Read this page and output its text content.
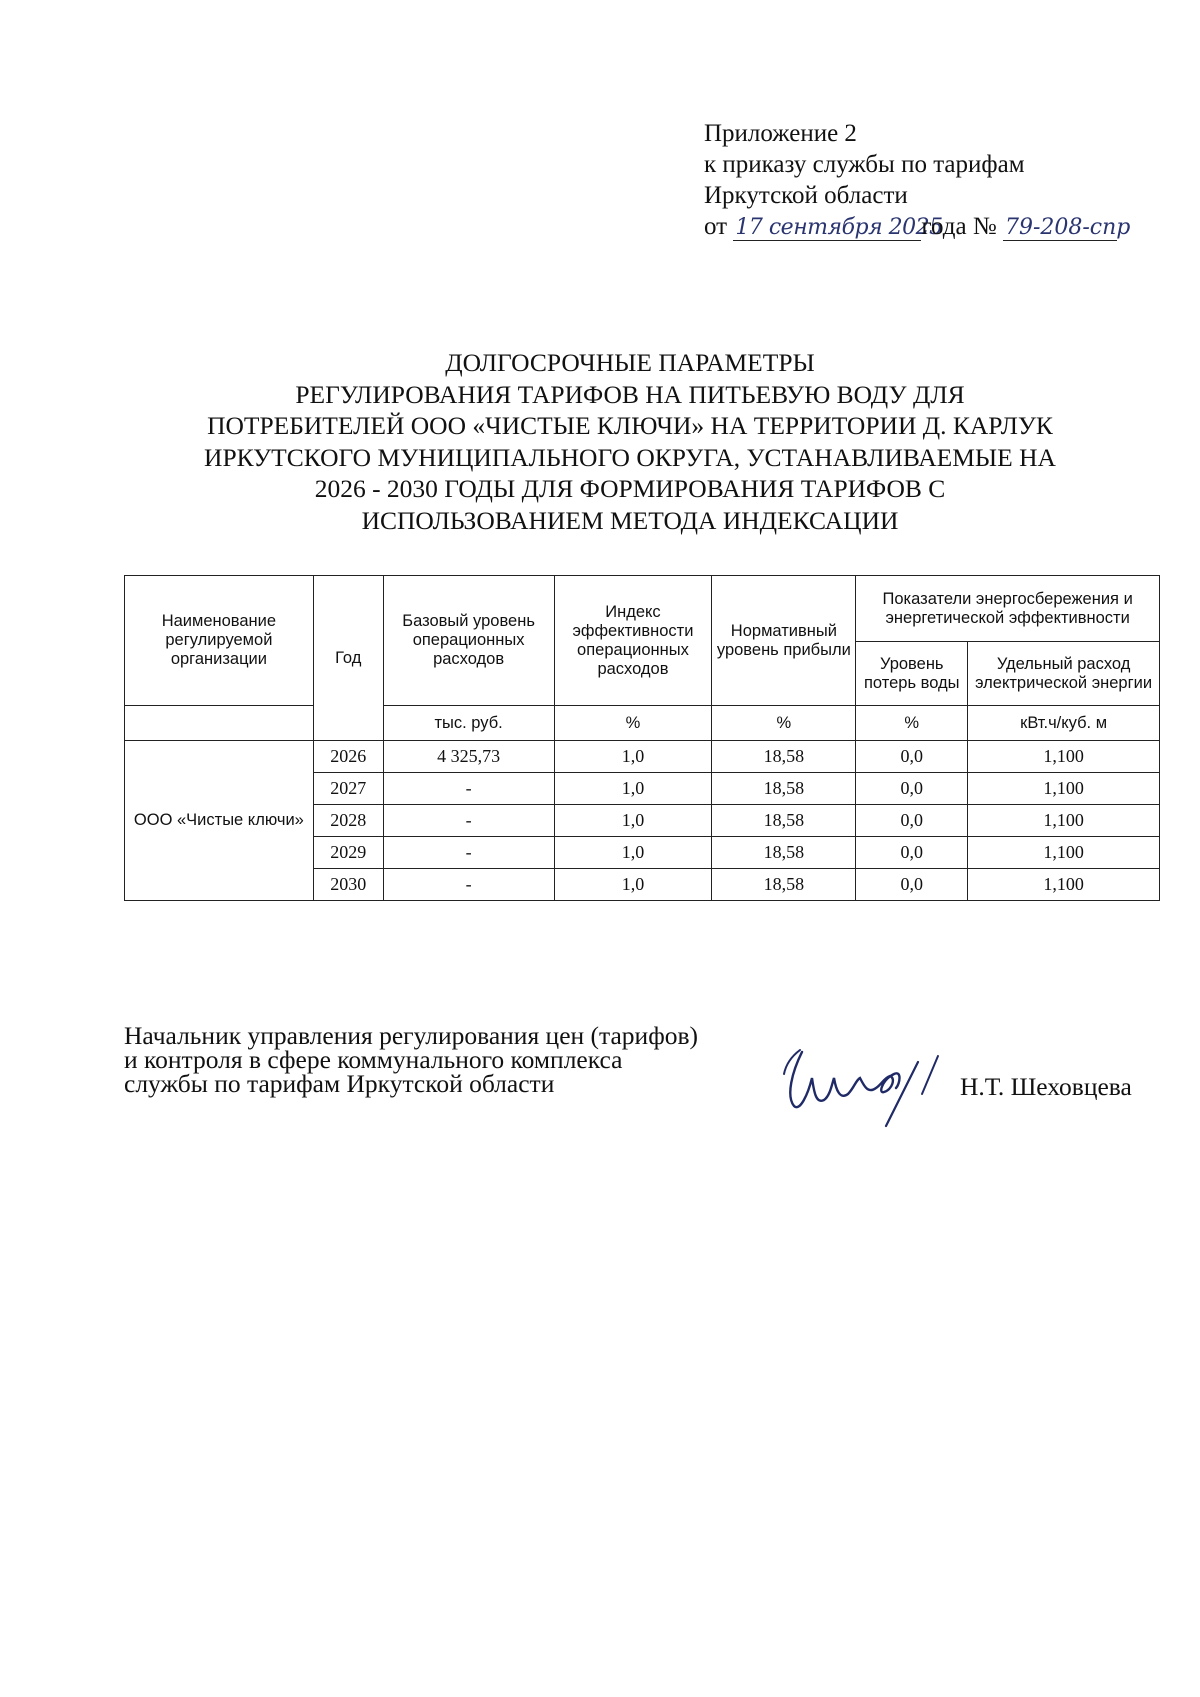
Приложение 2
к приказу службы по тарифам
Иркутской области
от 17 сентября 2025года № 79-208-спр
ДОЛГОСРОЧНЫЕ ПАРАМЕТРЫ
РЕГУЛИРОВАНИЯ ТАРИФОВ НА ПИТЬЕВУЮ ВОДУ ДЛЯ
ПОТРЕБИТЕЛЕЙ ООО «ЧИСТЫЕ КЛЮЧИ» НА ТЕРРИТОРИИ Д. КАРЛУК
ИРКУТСКОГО МУНИЦИПАЛЬНОГО ОКРУГА, УСТАНАВЛИВАЕМЫЕ НА
2026 - 2030 ГОДЫ ДЛЯ ФОРМИРОВАНИЯ ТАРИФОВ С
ИСПОЛЬЗОВАНИЕМ МЕТОДА ИНДЕКСАЦИИ
Наименование регулируемой организации	Год	Базовый уровень операционных расходов	Индекс эффективности операционных расходов	Нормативный уровень прибыли	Показатели энергосбережения и энергетической эффективности	
					Уровень потерь воды	Удельный расход электрической энергии
		тыс. руб.	%	%	%	кВт.ч/куб. м
ООО «Чистые ключи»	2026	4 325,73	1,0	18,58	0,0	1,100
	2027	-	1,0	18,58	0,0	1,100
	2028	-	1,0	18,58	0,0	1,100
	2029	-	1,0	18,58	0,0	1,100
	2030	-	1,0	18,58	0,0	1,100
Начальник управления регулирования цен (тарифов)
и контроля в сфере коммунального комплекса
службы по тарифам Иркутской области	Н.Т. Шеховцева
